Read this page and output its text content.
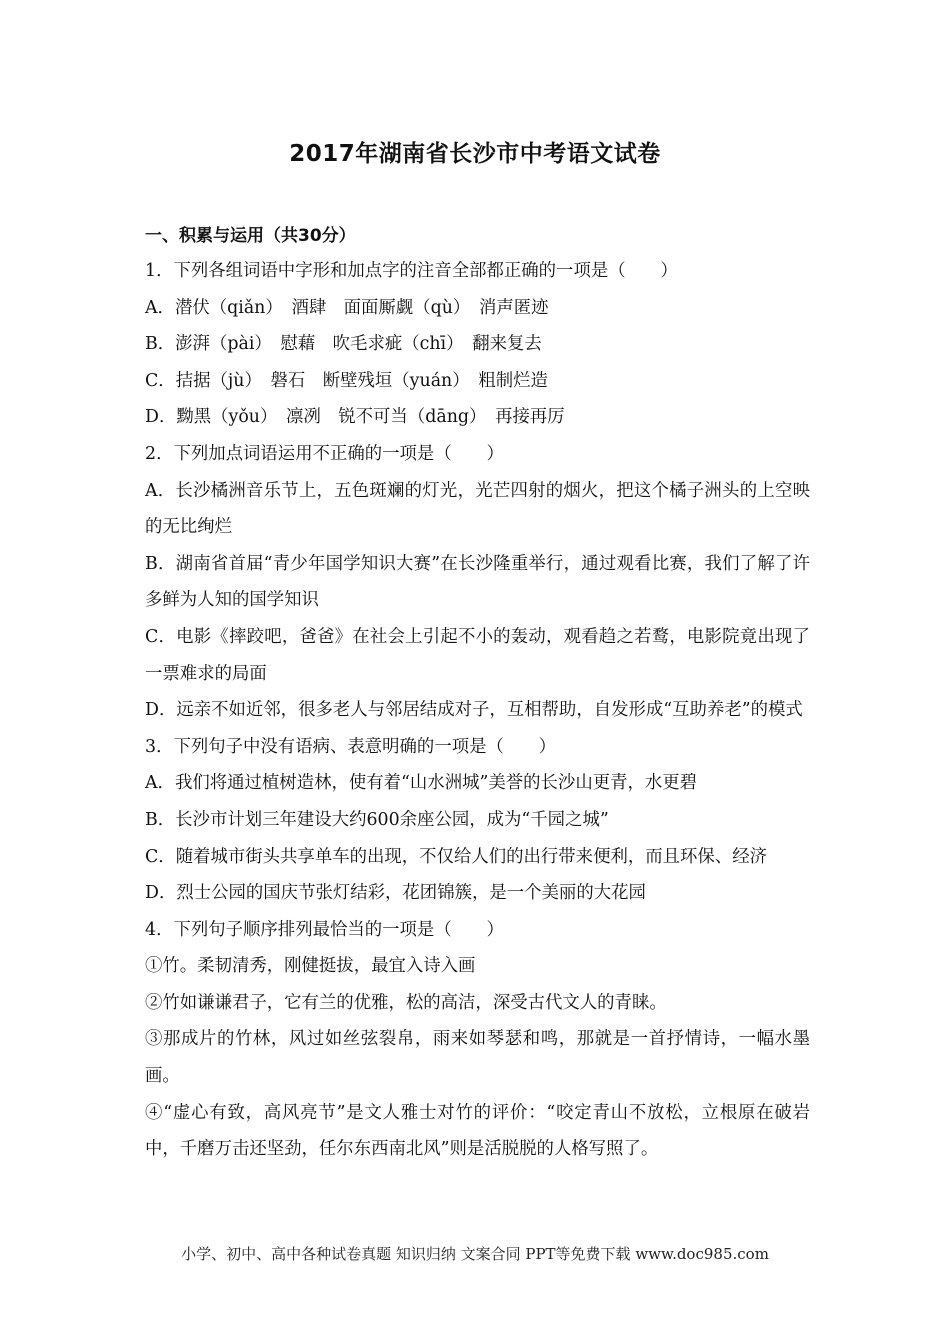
2017年湖南省长沙市中考语文试卷
一、积累与运用（共30分）
1．下列各组词语中字形和加点字的注音全部都正确的一项是（　　）
A．潜伏（qiǎn）　酒肆　面面厮觑（qù）　消声匿迹
B．澎湃（pài）　慰藉　吹毛求疵（chī）　翻来复去
C．拮据（jù）　磐石　断壁残垣（yuán）　粗制烂造
D．黝黑（yǒu）　凛冽　锐不可当（dāng）　再接再厉
2．下列加点词语运用不正确的一项是（　　）
A．长沙橘洲音乐节上，五色斑斓的灯光，光芒四射的烟火，把这个橘子洲头的上空映的无比绚烂
B．湖南省首届“青少年国学知识大赛”在长沙隆重举行，通过观看比赛，我们了解了许多鲜为人知的国学知识
C．电影《摔跤吧，爸爸》在社会上引起不小的轰动，观看趋之若鹜，电影院竟出现了一票难求的局面
D．远亲不如近邻，很多老人与邻居结成对子，互相帮助，自发形成“互助养老”的模式
3．下列句子中没有语病、表意明确的一项是（　　）
A．我们将通过植树造林，使有着“山水洲城”美誉的长沙山更青，水更碧
B．长沙市计划三年建设大约600余座公园，成为“千园之城”
C．随着城市街头共享单车的出现，不仅给人们的出行带来便利，而且环保、经济
D．烈士公园的国庆节张灯结彩，花团锦簇，是一个美丽的大花园
4．下列句子顺序排列最恰当的一项是（　　）
①竹。柔韧清秀，刚健挺拔，最宜入诗入画
②竹如谦谦君子，它有兰的优雅，松的高洁，深受古代文人的青睐。
③那成片的竹林，风过如丝弦裂帛，雨来如琴瑟和鸣，那就是一首抒情诗，一幅水墨画。
④“虚心有致，高风亮节”是文人雅士对竹的评价：“咬定青山不放松，立根原在破岩中，千磨万击还坚劲，任尔东西南北风”则是活脱脱的人格写照了。
小学、初中、高中各种试卷真题 知识归纳 文案合同 PPT等免费下载 www.doc985.com
